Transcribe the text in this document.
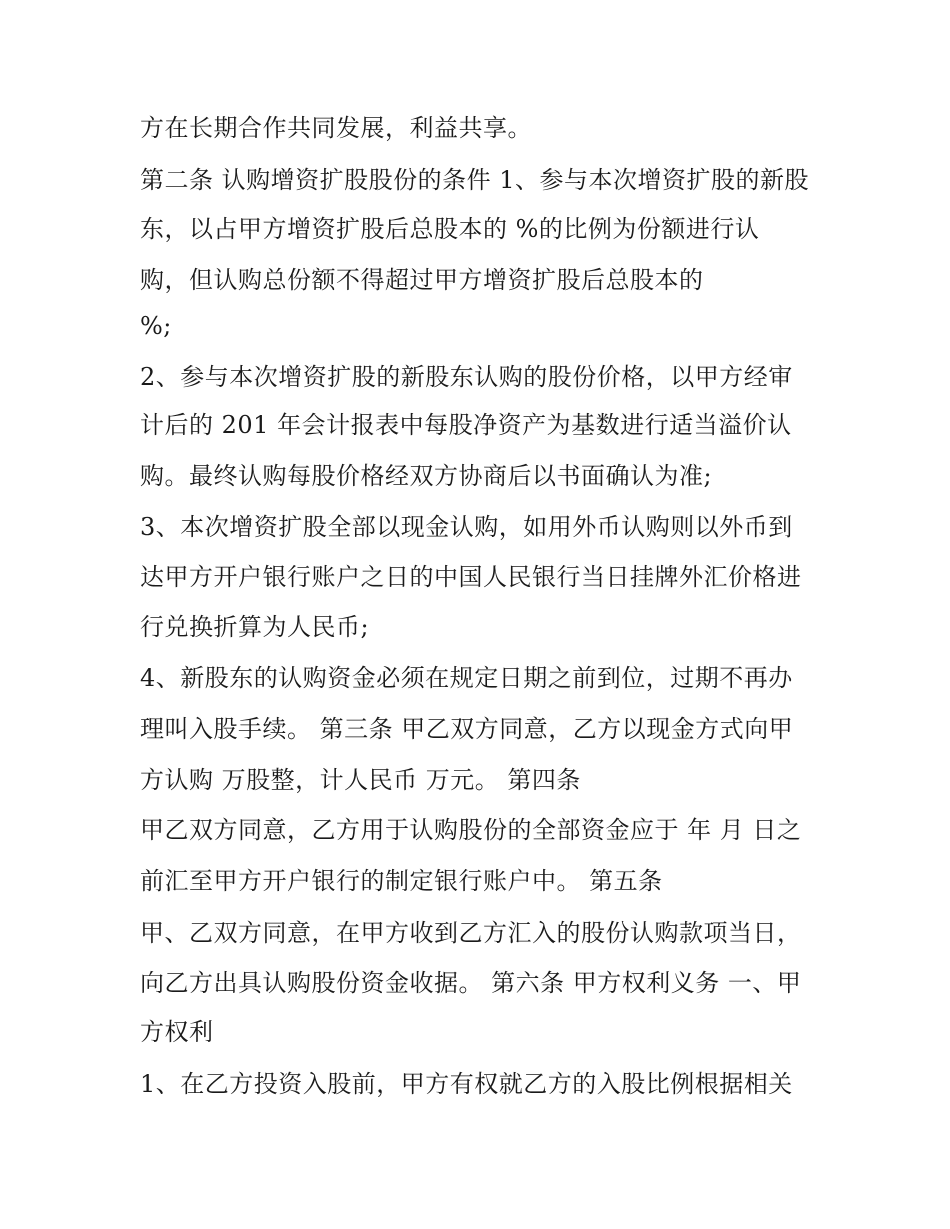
方在长期合作共同发展，利益共享。
第二条 认购增资扩股股份的条件 1、参与本次增资扩股的新股
东，以占甲方增资扩股后总股本的 %的比例为份额进行认
购，但认购总份额不得超过甲方增资扩股后总股本的
%;
2、参与本次增资扩股的新股东认购的股份价格，以甲方经审
计后的 201 年会计报表中每股净资产为基数进行适当溢价认
购。最终认购每股价格经双方协商后以书面确认为准;
3、本次增资扩股全部以现金认购，如用外币认购则以外币到
达甲方开户银行账户之日的中国人民银行当日挂牌外汇价格进
行兑换折算为人民币;
4、新股东的认购资金必须在规定日期之前到位，过期不再办
理叫入股手续。 第三条 甲乙双方同意，乙方以现金方式向甲
方认购 万股整，计人民币 万元。 第四条
甲乙双方同意，乙方用于认购股份的全部资金应于 年 月 日之
前汇至甲方开户银行的制定银行账户中。 第五条
甲、乙双方同意，在甲方收到乙方汇入的股份认购款项当日，
向乙方出具认购股份资金收据。 第六条 甲方权利义务 一、甲
方权利
1、在乙方投资入股前，甲方有权就乙方的入股比例根据相关
